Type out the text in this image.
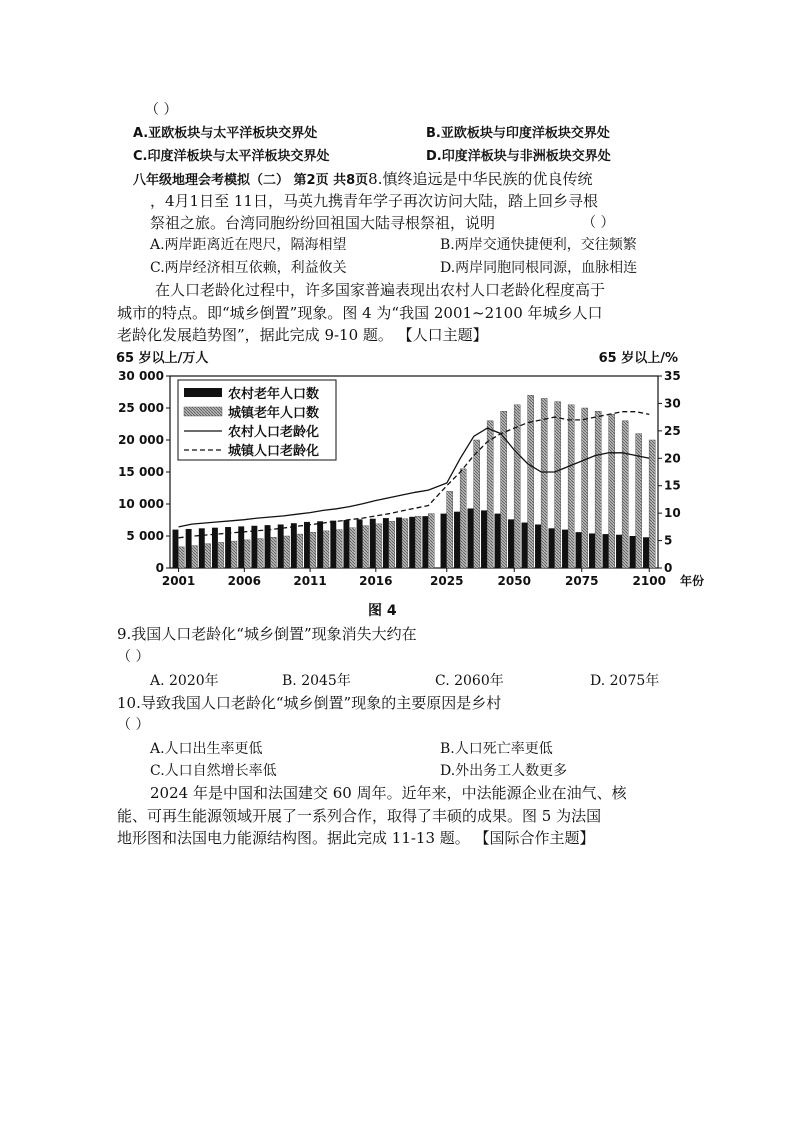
（ ）
A.亚欧板块与太平洋板块交界处	B.亚欧板块与印度洋板块交界处
C.印度洋板块与太平洋板块交界处	D.印度洋板块与非洲板块交界处
八年级地理会考模拟（二） 第2页 共8页8.慎终追远是中华民族的优良传统
，4月1日至 11日，马英九携青年学子再次访问大陆，踏上回乡寻根
祭祖之旅。台湾同胞纷纷回祖国大陆寻根祭祖，说明	（ ）
A.两岸距离近在咫尺，隔海相望	B.两岸交通快捷便利，交往频繁
C.两岸经济相互依赖，利益攸关	D.两岸同胞同根同源，血脉相连
在人口老龄化过程中，许多国家普遍表现出农村人口老龄化程度高于
城市的特点。即“城乡倒置”现象。图 4 为“我国 2001~2100 年城乡人口
老龄化发展趋势图”，据此完成 9-10 题。 【人口主题】
65 岁以上/万人	65 岁以上/%
0
5 000
10 000
15 000
20 000
25 000
30 000
0
5
10
15
20
25
30
35
2001	2006	2011	2016	2025	2050	2075	2100 年份
农村老年人口数
城镇老年人口数
农村人口老龄化
城镇人口老龄化
图 4
9.我国人口老龄化“城乡倒置”现象消失大约在
（ ）
A. 2020年	B. 2045年	C. 2060年	D. 2075年
10.导致我国人口老龄化“城乡倒置”现象的主要原因是乡村
（ ）
A.人口出生率更低	B.人口死亡率更低
C.人口自然增长率低	D.外出务工人数更多
2024 年是中国和法国建交 60 周年。近年来，中法能源企业在油气、核
能、可再生能源领域开展了一系列合作，取得了丰硕的成果。图 5 为法国
地形图和法国电力能源结构图。据此完成 11-13 题。 【国际合作主题】
